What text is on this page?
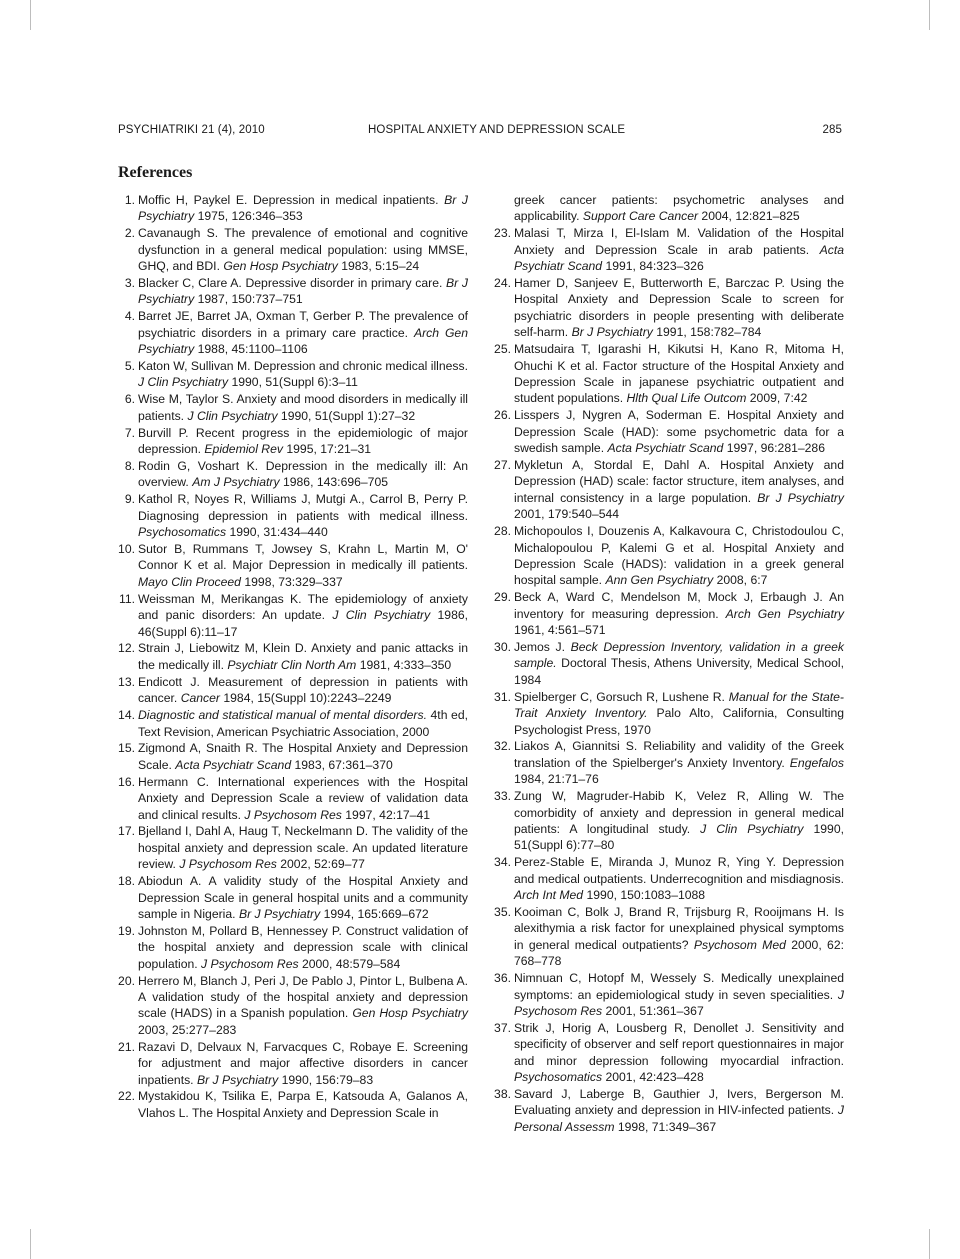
PSYCHIATRIKI 21 (4), 2010	HOSPITAL ANXIETY AND DEPRESSION SCALE	285
References
1. Moffic H, Paykel E. Depression in medical inpatients. Br J Psychiatry 1975, 126:346–353
2. Cavanaugh S. The prevalence of emotional and cognitive dysfunction in a general medical population: using MMSE, GHQ, and BDI. Gen Hosp Psychiatry 1983, 5:15–24
3. Blacker C, Clare A. Depressive disorder in primary care. Br J Psychiatry 1987, 150:737–751
4. Barret JE, Barret JA, Oxman T, Gerber P. The prevalence of psychiatric disorders in a primary care practice. Arch Gen Psychiatry 1988, 45:1100–1106
5. Katon W, Sullivan M. Depression and chronic medical illness. J Clin Psychiatry 1990, 51(Suppl 6):3–11
6. Wise M, Taylor S. Anxiety and mood disorders in medically ill patients. J Clin Psychiatry 1990, 51(Suppl 1):27–32
7. Burvill P. Recent progress in the epidemiologic of major depression. Epidemiol Rev 1995, 17:21–31
8. Rodin G, Voshart K. Depression in the medically ill: An overview. Am J Psychiatry 1986, 143:696–705
9. Kathol R, Noyes R, Williams J, Mutgi A., Carrol B, Perry P. Diagnosing depression in patients with medical illness. Psychosomatics 1990, 31:434–440
10. Sutor B, Rummans T, Jowsey S, Krahn L, Martin M, O' Connor K et al. Major Depression in medically ill patients. Mayo Clin Proceed 1998, 73:329–337
11. Weissman M, Merikangas K. The epidemiology of anxiety and panic disorders: An update. J Clin Psychiatry 1986, 46(Suppl 6):11–17
12. Strain J, Liebowitz M, Klein D. Anxiety and panic attacks in the medically ill. Psychiatr Clin North Am 1981, 4:333–350
13. Endicott J. Measurement of depression in patients with cancer. Cancer 1984, 15(Suppl 10):2243–2249
14. Diagnostic and statistical manual of mental disorders. 4th ed, Text Revision, American Psychiatric Association, 2000
15. Zigmond A, Snaith R. The Hospital Anxiety and Depression Scale. Acta Psychiatr Scand 1983, 67:361–370
16. Hermann C. International experiences with the Hospital Anxiety and Depression Scale a review of validation data and clinical results. J Psychosom Res 1997, 42:17–41
17. Bjelland I, Dahl A, Haug T, Neckelmann D. The validity of the hospital anxiety and depression scale. An updated literature review. J Psychosom Res 2002, 52:69–77
18. Abiodun A. A validity study of the Hospital Anxiety and Depression Scale in general hospital units and a community sample in Nigeria. Br J Psychiatry 1994, 165:669–672
19. Johnston M, Pollard B, Hennessey P. Construct validation of the hospital anxiety and depression scale with clinical population. J Psychosom Res 2000, 48:579–584
20. Herrero M, Blanch J, Peri J, De Pablo J, Pintor L, Bulbena A. A validation study of the hospital anxiety and depression scale (HADS) in a Spanish population. Gen Hosp Psychiatry 2003, 25:277–283
21. Razavi D, Delvaux N, Farvacques C, Robaye E. Screening for adjustment and major affective disorders in cancer inpatients. Br J Psychiatry 1990, 156:79–83
22. Mystakidou K, Tsilika E, Parpa E, Katsouda A, Galanos A, Vlahos L. The Hospital Anxiety and Depression Scale in
greek cancer patients: psychometric analyses and applicability. Support Care Cancer 2004, 12:821–825
23. Malasi T, Mirza I, El-Islam M. Validation of the Hospital Anxiety and Depression Scale in arab patients. Acta Psychiatr Scand 1991, 84:323–326
24. Hamer D, Sanjeev E, Butterworth E, Barczac P. Using the Hospital Anxiety and Depression Scale to screen for psychiatric disorders in people presenting with deliberate self-harm. Br J Psychiatry 1991, 158:782–784
25. Matsudaira T, Igarashi H, Kikutsi H, Kano R, Mitoma H, Ohuchi K et al. Factor structure of the Hospital Anxiety and Depression Scale in japanese psychiatric outpatient and student populations. Hlth Qual Life Outcom 2009, 7:42
26. Lisspers J, Nygren A, Soderman E. Hospital Anxiety and Depression Scale (HAD): some psychometric data for a swedish sample. Acta Psychiatr Scand 1997, 96:281–286
27. Mykletun A, Stordal E, Dahl A. Hospital Anxiety and Depression (HAD) scale: factor structure, item analyses, and internal consistency in a large population. Br J Psychiatry 2001, 179:540–544
28. Michopoulos I, Douzenis A, Kalkavoura C, Christodoulou C, Michalopoulou P, Kalemi G et al. Hospital Anxiety and Depression Scale (HADS): validation in a greek general hospital sample. Ann Gen Psychiatry 2008, 6:7
29. Beck A, Ward C, Mendelson M, Mock J, Erbaugh J. An inventory for measuring depression. Arch Gen Psychiatry 1961, 4:561–571
30. Jemos J. Beck Depression Inventory, validation in a greek sample. Doctoral Thesis, Athens University, Medical School, 1984
31. Spielberger C, Gorsuch R, Lushene R. Manual for the State-Trait Anxiety Inventory. Palo Alto, California, Consulting Psychologist Press, 1970
32. Liakos A, Giannitsi S. Reliability and validity of the Greek translation of the Spielberger's Anxiety Inventory. Engefalos 1984, 21:71–76
33. Zung W, Magruder-Habib K, Velez R, Alling W. The comorbidity of anxiety and depression in general medical patients: A longitudinal study. J Clin Psychiatry 1990, 51(Suppl 6):77–80
34. Perez-Stable E, Miranda J, Munoz R, Ying Y. Depression and medical outpatients. Underrecognition and misdiagnosis. Arch Int Med 1990, 150:1083–1088
35. Kooiman C, Bolk J, Brand R, Trijsburg R, Rooijmans H. Is alexithymia a risk factor for unexplained physical symptoms in general medical outpatients? Psychosom Med 2000, 62: 768–778
36. Nimnuan C, Hotopf M, Wessely S. Medically unexplained symptoms: an epidemiological study in seven specialities. J Psychosom Res 2001, 51:361–367
37. Strik J, Horig A, Lousberg R, Denollet J. Sensitivity and specificity of observer and self report questionnaires in major and minor depression following myocardial infraction. Psychosomatics 2001, 42:423–428
38. Savard J, Laberge B, Gauthier J, Ivers, Bergerson M. Evaluating anxiety and depression in HIV-infected patients. J Personal Assessm 1998, 71:349–367
